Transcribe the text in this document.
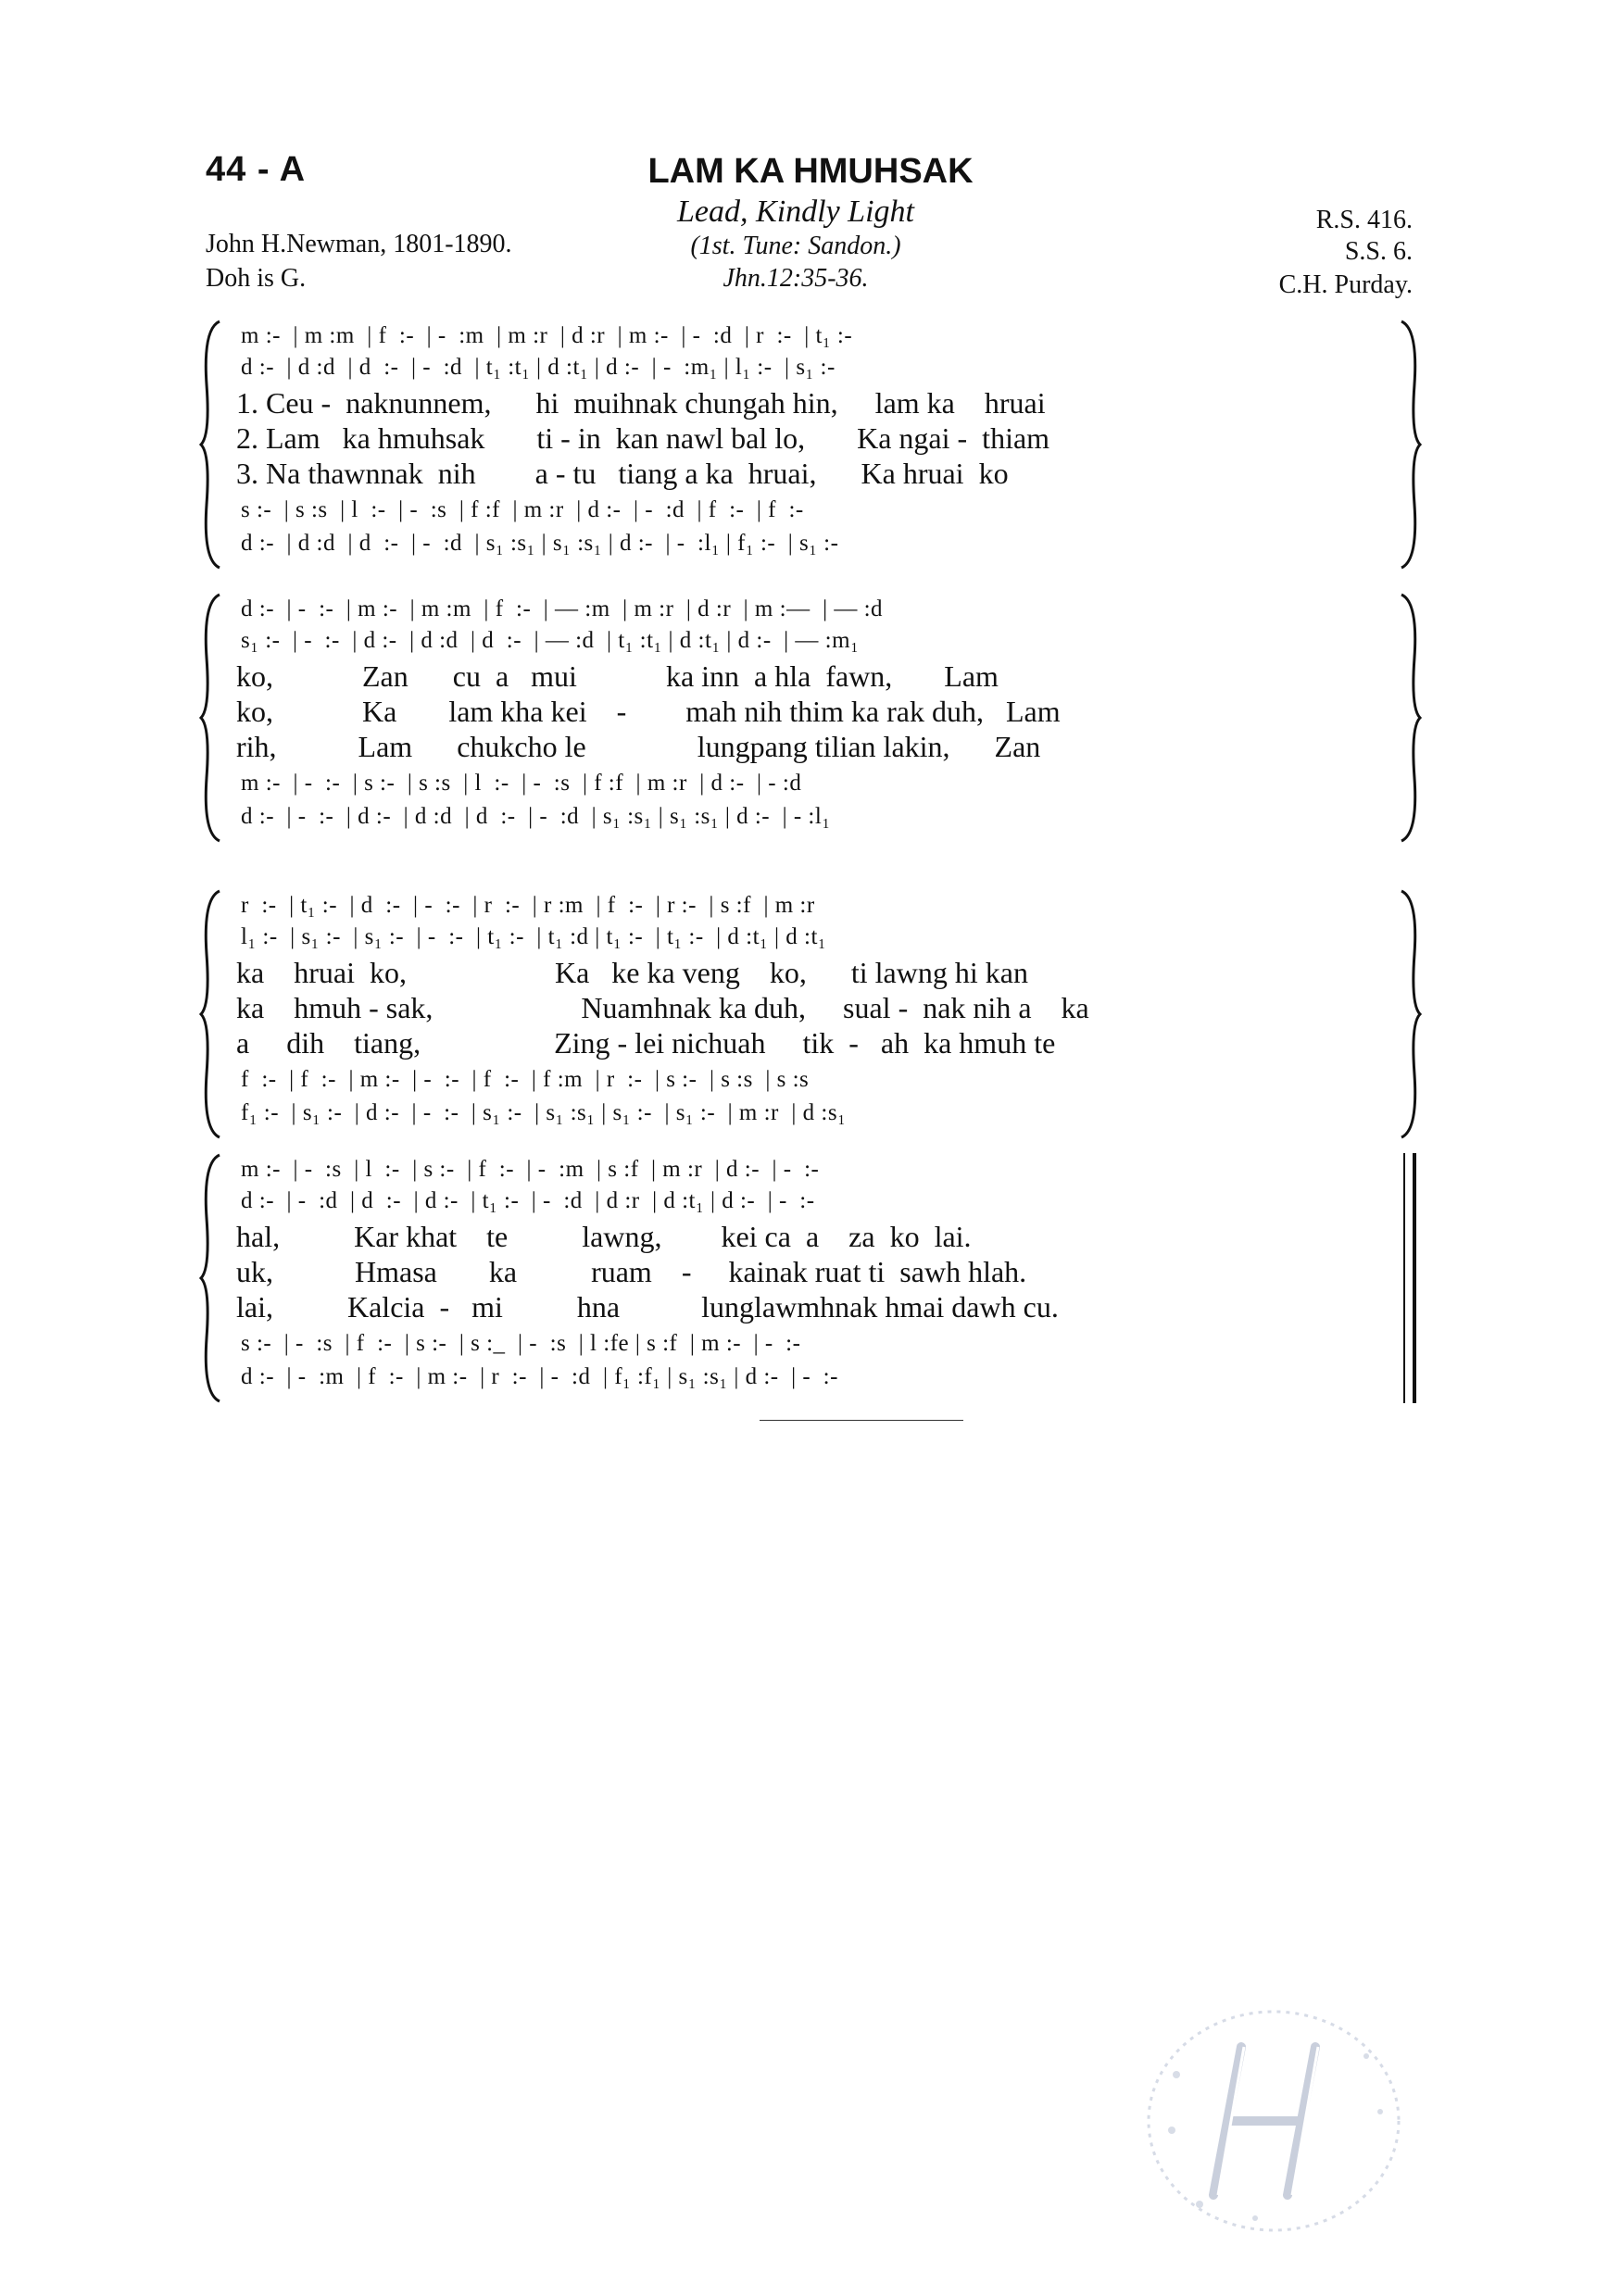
44 - A	LAM KA HMUHSAK
Lead, Kindly Light
(1st. Tune: Sandon.)
Jhn.12:35-36.
John H.Newman, 1801-1890.
Doh is G.
R.S. 416.
S.S. 6.
C.H. Purday.
m :-  | m :m  | f  :-  | -  :m  | m :r  | d :r  | m :-  | -  :d  | r  :-  | t₁ :-
d :-  | d :d  | d  :-  | -  :d  | t₁ :t₁ | d :t₁ | d :-  | -  :m₁ | l₁ :-  | s₁ :-
1. Ceu -  naknunnem,      hi  muihnak chungah hin,     lam ka    hruai
2. Lam   ka hmuhsak       ti - in  kan nawl bal lo,       Ka ngai -  thiam
3. Na thawnnak  nih        a - tu   tiang a ka  hruai,      Ka hruai  ko
s :-  | s :s  | l  :-  | -  :s  | f :f  | m :r  | d :-  | -  :d  | f  :-  | f  :-
d :-  | d :d  | d  :-  | -  :d  | s₁ :s₁ | s₁ :s₁ | d :-  | -  :l₁ | f₁ :-  | s₁ :-
d :-  | -  :-  | m :-  | m :m  | f  :-  | — :m  | m :r  | d :r  | m :—  | — :d
s₁ :-  | -  :-  | d :-  | d :d  | d  :-  | — :d  | t₁ :t₁ | d :t₁ | d :-  | — :m₁
ko,            Zan      cu  a   mui            ka inn  a hla  fawn,       Lam
ko,            Ka       lam kha kei    -        mah nih thim ka rak duh,   Lam
rih,           Lam      chukcho le               lungpang tilian lakin,      Zan
m :-  | -  :-  | s :-  | s :s  | l  :-  | -  :s  | f :f  | m :r  | d :-  | - :d
d :-  | -  :-  | d :-  | d :d  | d  :-  | -  :d  | s₁ :s₁ | s₁ :s₁ | d :-  | - :l₁
r  :-  | t₁ :-  | d  :-  | -  :-  | r  :-  | r :m  | f  :-  | r :-  | s :f  | m :r
l₁ :-  | s₁ :-  | s₁ :-  | -  :-  | t₁ :-  | t₁ :d | t₁ :-  | t₁ :-  | d :t₁ | d :t₁
ka    hruai  ko,                    Ka   ke ka veng    ko,      ti lawng hi kan
ka    hmuh - sak,                    Nuamhnak ka duh,     sual -  nak nih a    ka
a     dih    tiang,                  Zing - lei nichuah     tik  -   ah  ka hmuh te
f  :-  | f  :-  | m :-  | -  :-  | f  :-  | f :m  | r  :-  | s :-  | s :s  | s :s
f₁ :-  | s₁ :-  | d :-  | -  :-  | s₁ :-  | s₁ :s₁ | s₁ :-  | s₁ :-  | m :r  | d :s₁
m :-  | -  :s  | l  :-  | s :-  | f  :-  | -  :m  | s :f  | m :r  | d :-  | -  :-
d :-  | -  :d  | d  :-  | d :-  | t₁ :-  | -  :d  | d :r  | d :t₁ | d :-  | -  :-
hal,          Kar khat    te          lawng,        kei ca  a    za  ko  lai.
uk,           Hmasa       ka          ruam    -     kainak ruat ti  sawh hlah.
lai,          Kalcia  -   mi          hna           lunglawmhnak hmai dawh cu.
s :-  | -  :s  | f  :-  | s :-  | s :_  | -  :s  | l :fe | s :f  | m :-  | -  :-
d :-  | -  :m  | f  :-  | m :-  | r  :-  | -  :d  | f₁ :f₁ | s₁ :s₁ | d :-  | -  :-
